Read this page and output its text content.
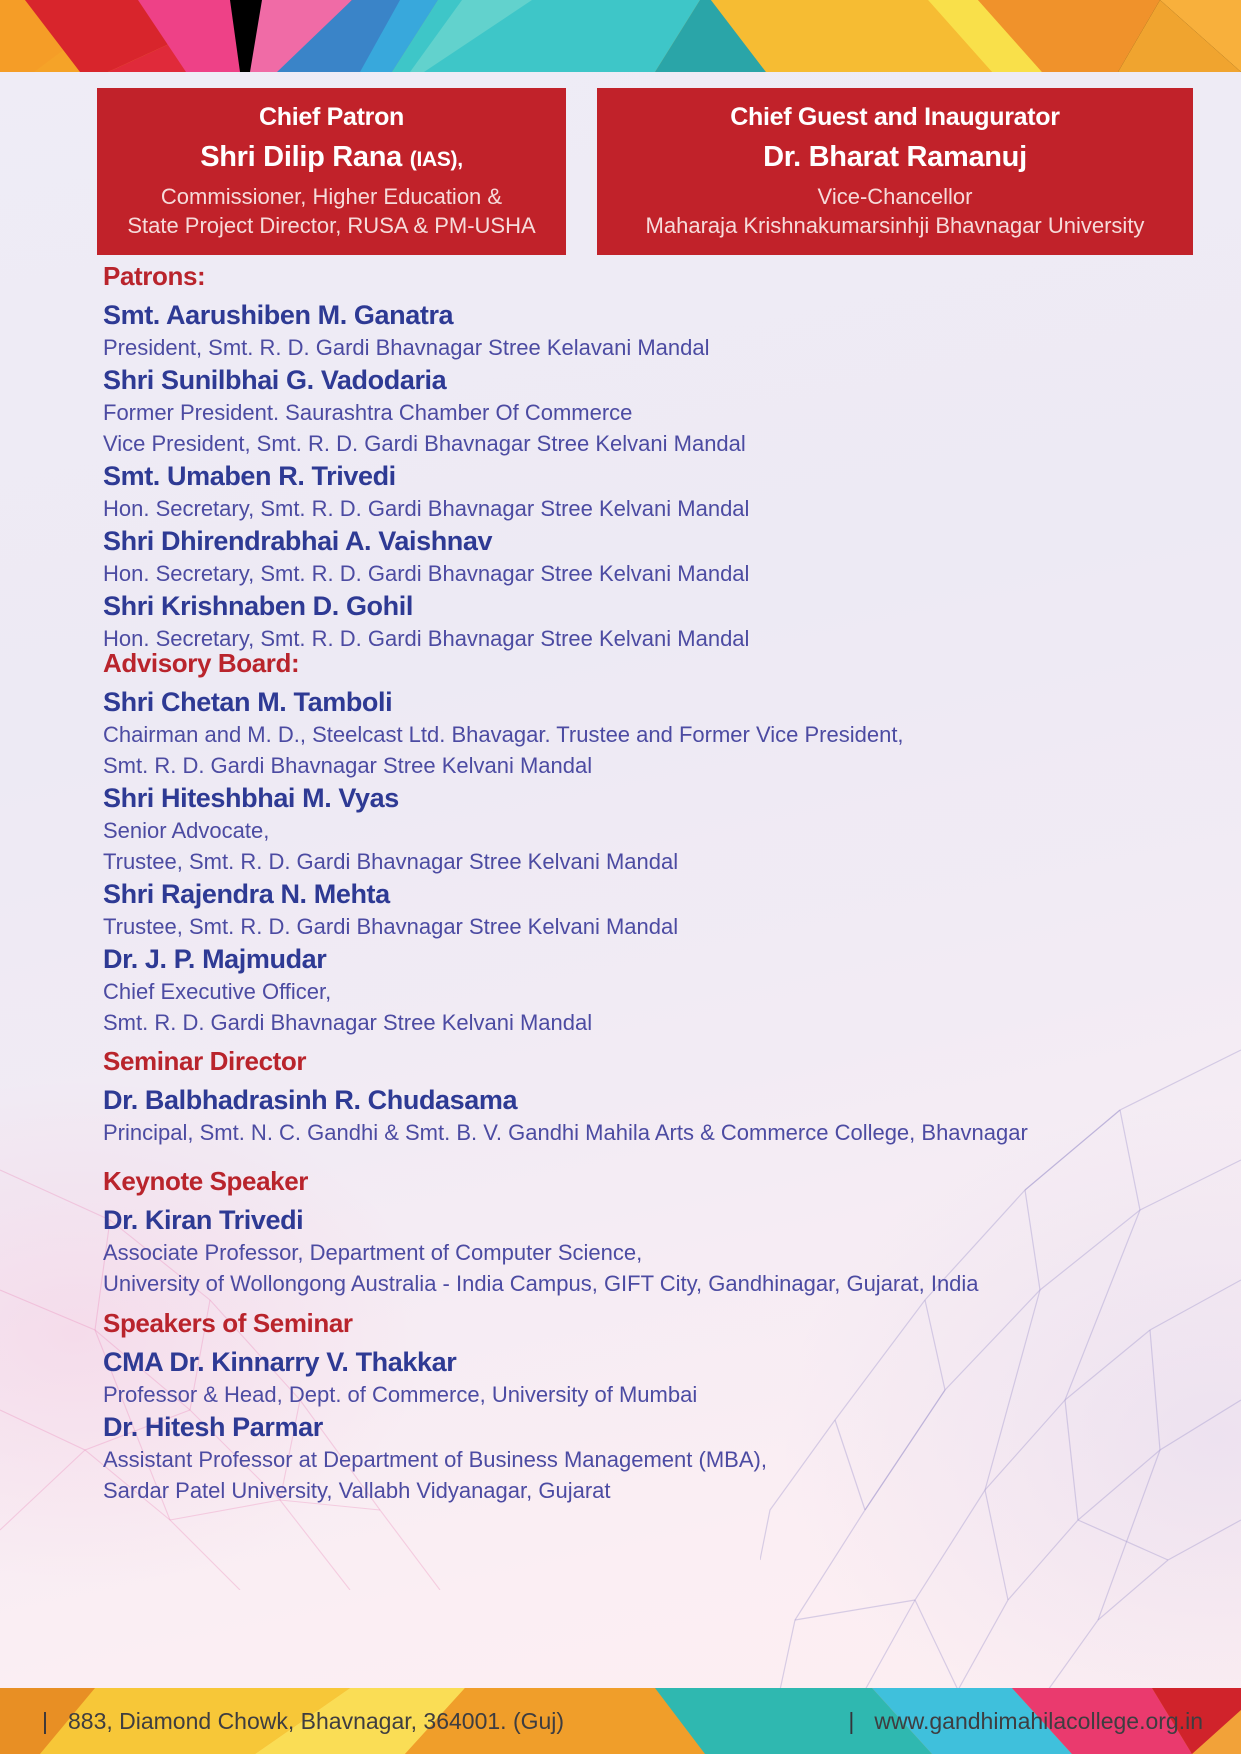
Chief Patron
Shri Dilip Rana (IAS),
Commissioner, Higher Education &
State Project Director, RUSA & PM-USHA
Chief Guest and Inaugurator
Dr. Bharat Ramanuj
Vice-Chancellor
Maharaja Krishnakumarsinhji Bhavnagar University
Patrons:
Smt. Aarushiben M. Ganatra
President, Smt. R. D. Gardi Bhavnagar Stree Kelavani Mandal
Shri Sunilbhai G. Vadodaria
Former President. Saurashtra Chamber Of Commerce
Vice President, Smt. R. D. Gardi Bhavnagar Stree Kelvani Mandal
Smt. Umaben R. Trivedi
Hon. Secretary, Smt. R. D. Gardi Bhavnagar Stree Kelvani Mandal
Shri Dhirendrabhai A. Vaishnav
Hon. Secretary, Smt. R. D. Gardi Bhavnagar Stree Kelvani Mandal
Shri Krishnaben D. Gohil
Hon. Secretary, Smt. R. D. Gardi Bhavnagar Stree Kelvani Mandal
Advisory Board:
Shri Chetan M. Tamboli
Chairman and M. D., Steelcast Ltd. Bhavagar. Trustee and Former Vice President,
Smt. R. D. Gardi Bhavnagar Stree Kelvani Mandal
Shri Hiteshbhai M. Vyas
Senior Advocate,
Trustee, Smt. R. D. Gardi Bhavnagar Stree Kelvani Mandal
Shri Rajendra N. Mehta
Trustee, Smt. R. D. Gardi Bhavnagar Stree Kelvani Mandal
Dr. J. P. Majmudar
Chief Executive Officer,
Smt. R. D. Gardi Bhavnagar Stree Kelvani Mandal
Seminar Director
Dr. Balbhadrasinh R. Chudasama
Principal, Smt. N. C. Gandhi & Smt. B. V. Gandhi Mahila Arts & Commerce College, Bhavnagar
Keynote Speaker
Dr. Kiran Trivedi
Associate Professor, Department of Computer Science,
University of Wollongong Australia - India Campus, GIFT City, Gandhinagar, Gujarat, India
Speakers of Seminar
CMA Dr. Kinnarry V. Thakkar
Professor & Head, Dept. of Commerce, University of Mumbai
Dr. Hitesh Parmar
Assistant Professor at Department of Business Management (MBA),
Sardar Patel University, Vallabh Vidyanagar, Gujarat
| 883, Diamond Chowk, Bhavnagar, 364001. (Guj)	| www.gandhimahilacollege.org.in
